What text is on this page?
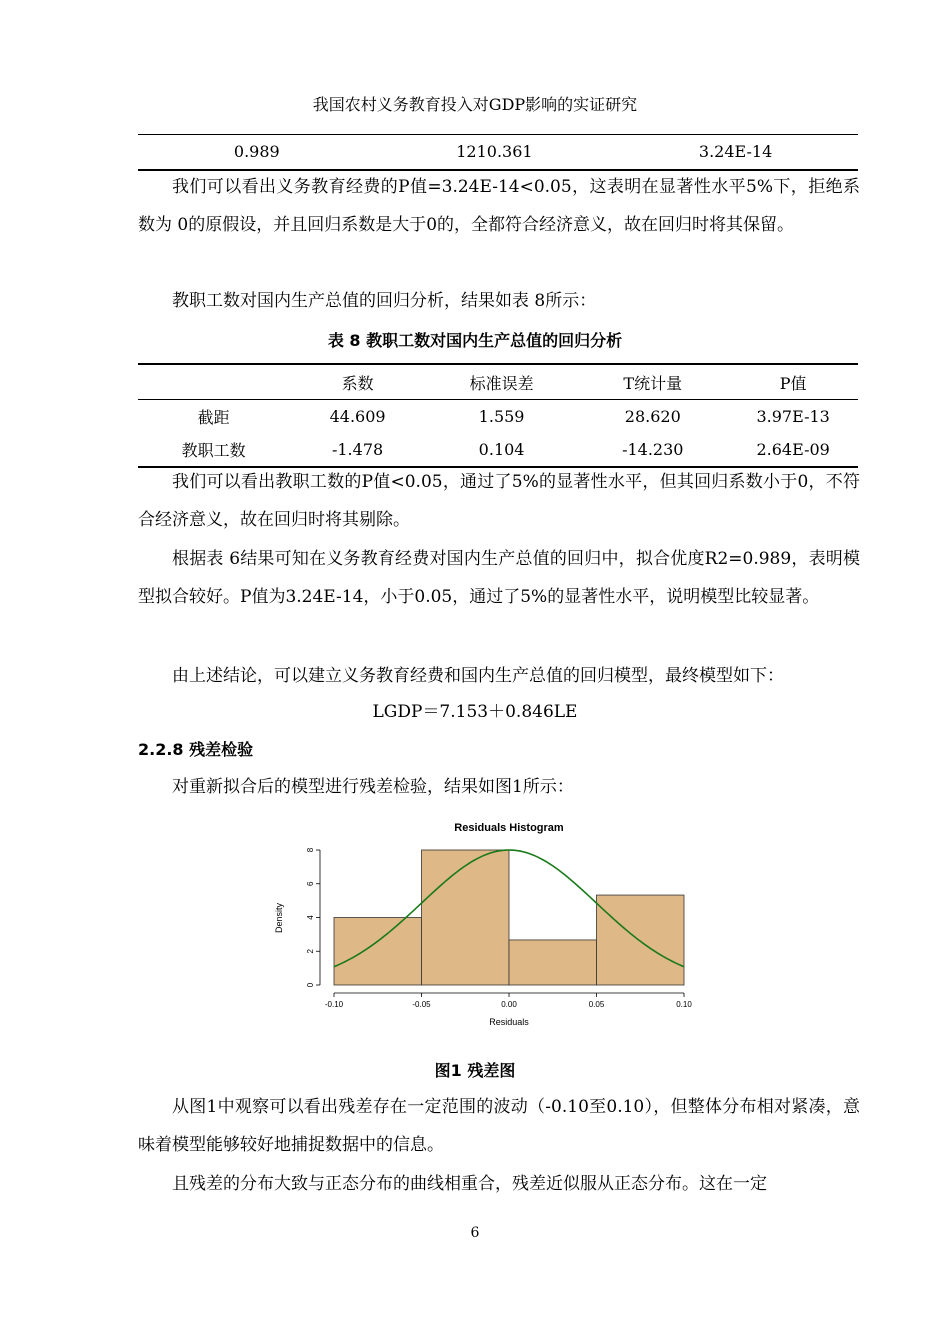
我国农村义务教育投入对GDP影响的实证研究
0.989	1210.361	3.24E-14
我们可以看出义务教育经费的P值=3.24E-14<0.05，这表明在显著性水平5%下，拒绝系数为 0的原假设，并且回归系数是大于0的，全都符合经济意义，故在回归时将其保留。
教职工数对国内生产总值的回归分析，结果如表 8所示：
表 8 教职工数对国内生产总值的回归分析
	系数	标准误差	T统计量	P值
截距	44.609	1.559	28.620	3.97E-13
教职工数	-1.478	0.104	-14.230	2.64E-09
我们可以看出教职工数的P值<0.05，通过了5%的显著性水平，但其回归系数小于0，不符合经济意义，故在回归时将其剔除。
根据表 6结果可知在义务教育经费对国内生产总值的回归中，拟合优度R2=0.989，表明模型拟合较好。P值为3.24E-14，小于0.05，通过了5%的显著性水平，说明模型比较显著。
由上述结论，可以建立义务教育经费和国内生产总值的回归模型，最终模型如下：
LGDP＝7.153＋0.846LE
2.2.8 残差检验
对重新拟合后的模型进行残差检验，结果如图1所示：
Residuals Histogram
Residuals
Density
-0.10	-0.05	0.00	0.05	0.10
0
2
4
6
8
图1 残差图
从图1中观察可以看出残差存在一定范围的波动（-0.10至0.10），但整体分布相对紧凑，意味着模型能够较好地捕捉数据中的信息。
且残差的分布大致与正态分布的曲线相重合，残差近似服从正态分布。这在一定
6
